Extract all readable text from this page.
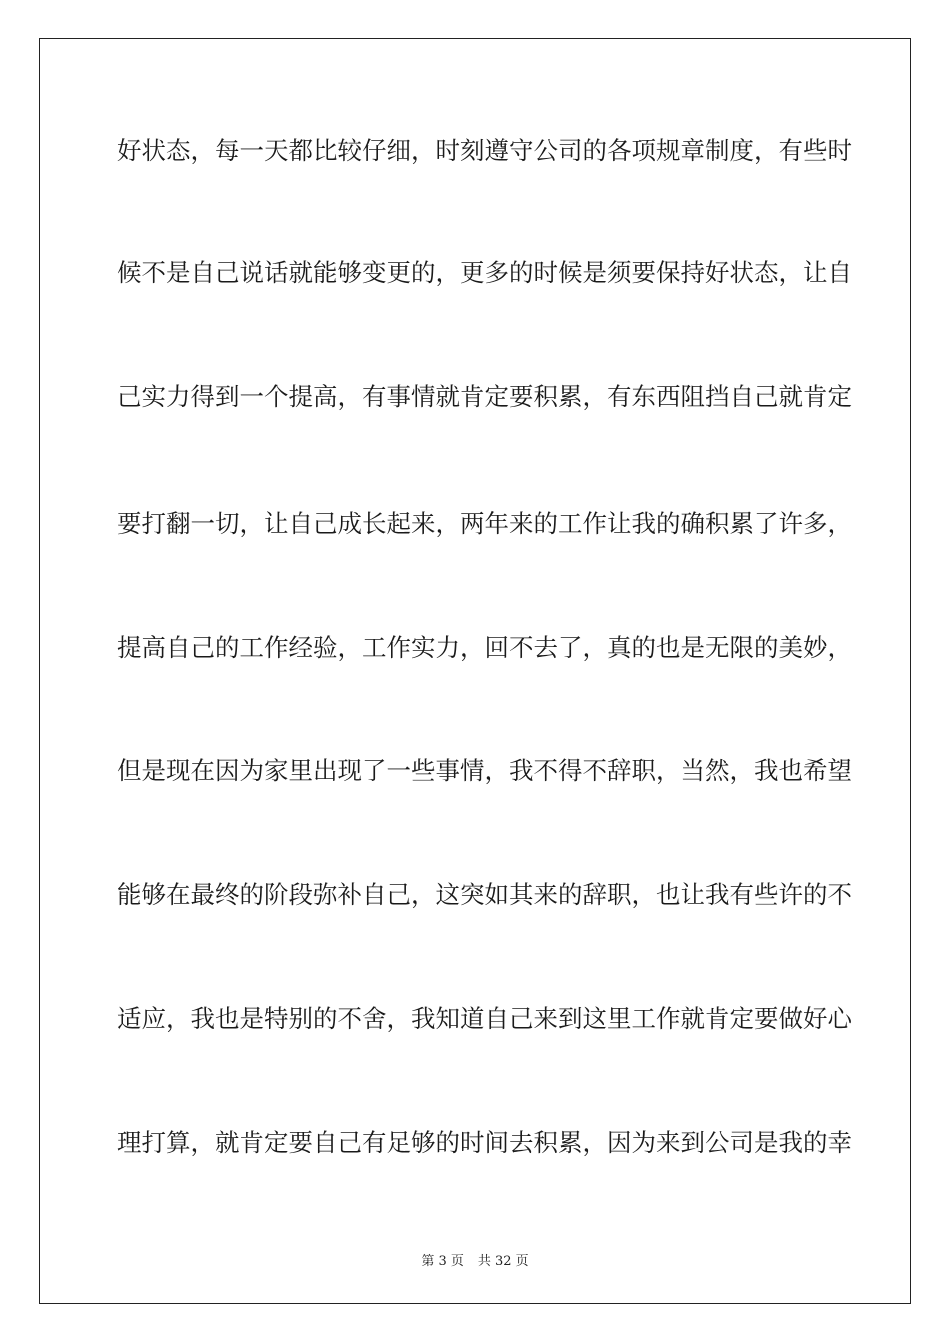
好状态，每一天都比较仔细，时刻遵守公司的各项规章制度，有些时
候不是自己说话就能够变更的，更多的时候是须要保持好状态，让自
己实力得到一个提高，有事情就肯定要积累，有东西阻挡自己就肯定
要打翻一切，让自己成长起来，两年来的工作让我的确积累了许多，
提高自己的工作经验，工作实力，回不去了，真的也是无限的美妙，
但是现在因为家里出现了一些事情，我不得不辞职，当然，我也希望
能够在最终的阶段弥补自己，这突如其来的辞职，也让我有些许的不
适应，我也是特别的不舍，我知道自己来到这里工作就肯定要做好心
理打算，就肯定要自己有足够的时间去积累，因为来到公司是我的幸
第 3 页 共 32 页
